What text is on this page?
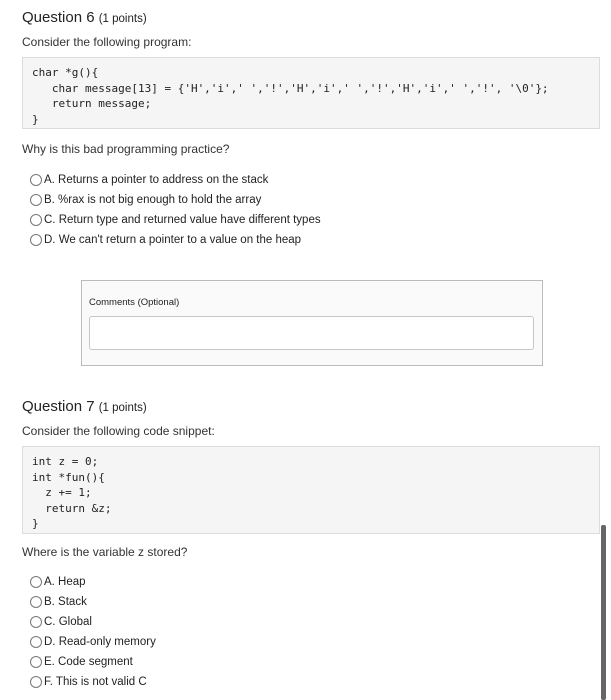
Question 6 (1 points)
Consider the following program:
char *g(){
char message[13] = {'H','i',' ','!','H','i',' ','!','H','i',' ','!', '\0'};
return message;
}
Why is this bad programming practice?
A. Returns a pointer to address on the stack
B. %rax is not big enough to hold the array
C. Return type and returned value have different types
D. We can't return a pointer to a value on the heap
Comments (Optional)
Question 7 (1 points)
Consider the following code snippet:
int z = 0;
int *fun(){
z += 1;
return &z;
}
Where is the variable z stored?
A. Heap
B. Stack
C. Global
D. Read-only memory
E. Code segment
F. This is not valid C
